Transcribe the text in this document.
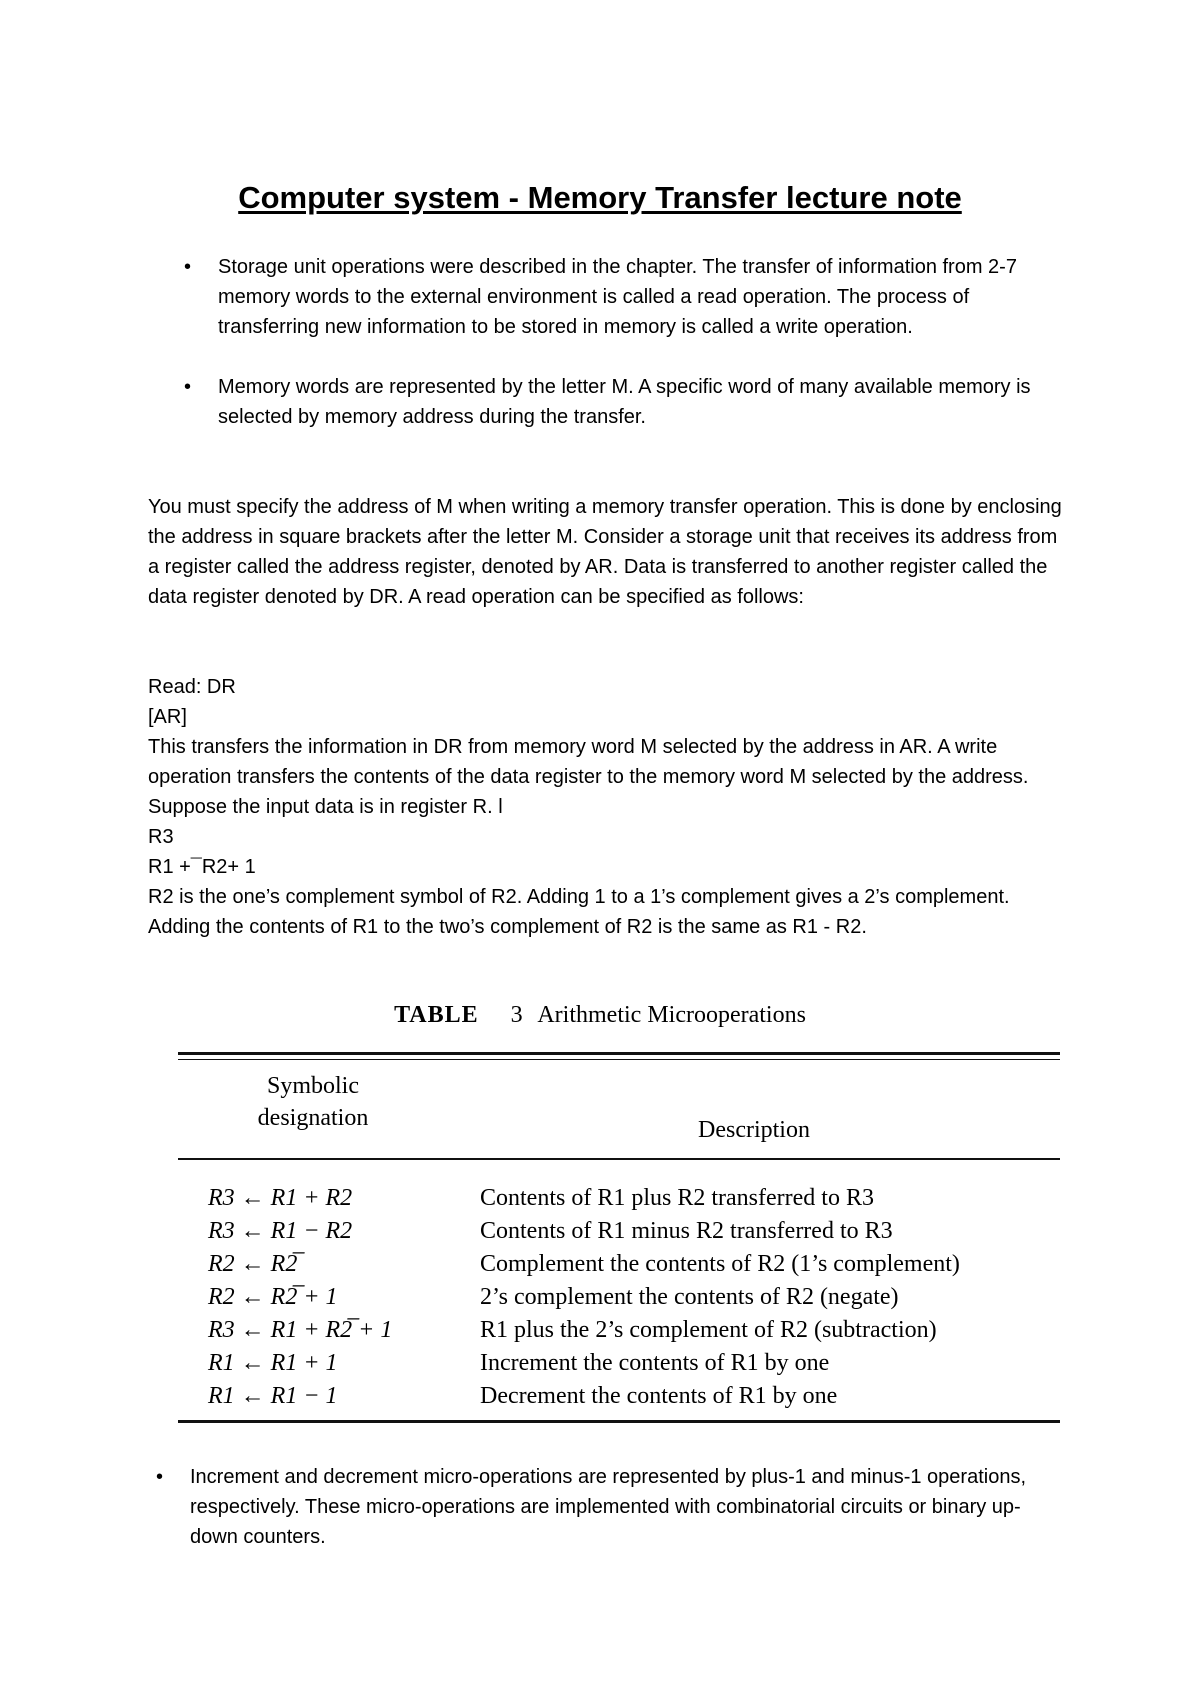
Computer system - Memory Transfer lecture note
•	Storage unit operations were described in the chapter. The transfer of information from 2-7 memory words to the external environment is called a read operation. The process of transferring new information to be stored in memory is called a write operation.
•	Memory words are represented by the letter M. A specific word of many available memory is selected by memory address during the transfer.

You must specify the address of M when writing a memory transfer operation. This is done by enclosing the address in square brackets after the letter M. Consider a storage unit that receives its address from a register called the address register, denoted by AR. Data is transferred to another register called the data register denoted by DR. A read operation can be specified as follows:

Read: DR

[AR]

This transfers the information in DR from memory word M selected by the address in AR. A write operation transfers the contents of the data register to the memory word M selected by the address. Suppose the input data is in register R. l

R3

R1 +¯R2+ 1

R2 is the one’s complement symbol of R2. Adding 1 to a 1’s complement gives a 2’s complement. Adding the contents of R1 to the two’s complement of R2 is the same as R1 - R2.

TABLE 3 Arithmetic Microoperations

Symbolic
designation	Description
R3 ← R1 + R2	Contents of R1 plus R2 transferred to R3
R3 ← R1 − R2	Contents of R1 minus R2 transferred to R3
R2 ← R2̅	Complement the contents of R2 (1’s complement)
R2 ← R2̅ + 1	2’s complement the contents of R2 (negate)
R3 ← R1 + R2̅ + 1	R1 plus the 2’s complement of R2 (subtraction)
R1 ← R1 + 1	Increment the contents of R1 by one
R1 ← R1 − 1	Decrement the contents of R1 by one
•	Increment and decrement micro-operations are represented by plus-1 and minus-1 operations, respectively. These micro-operations are implemented with combinatorial circuits or binary up-down counters.
